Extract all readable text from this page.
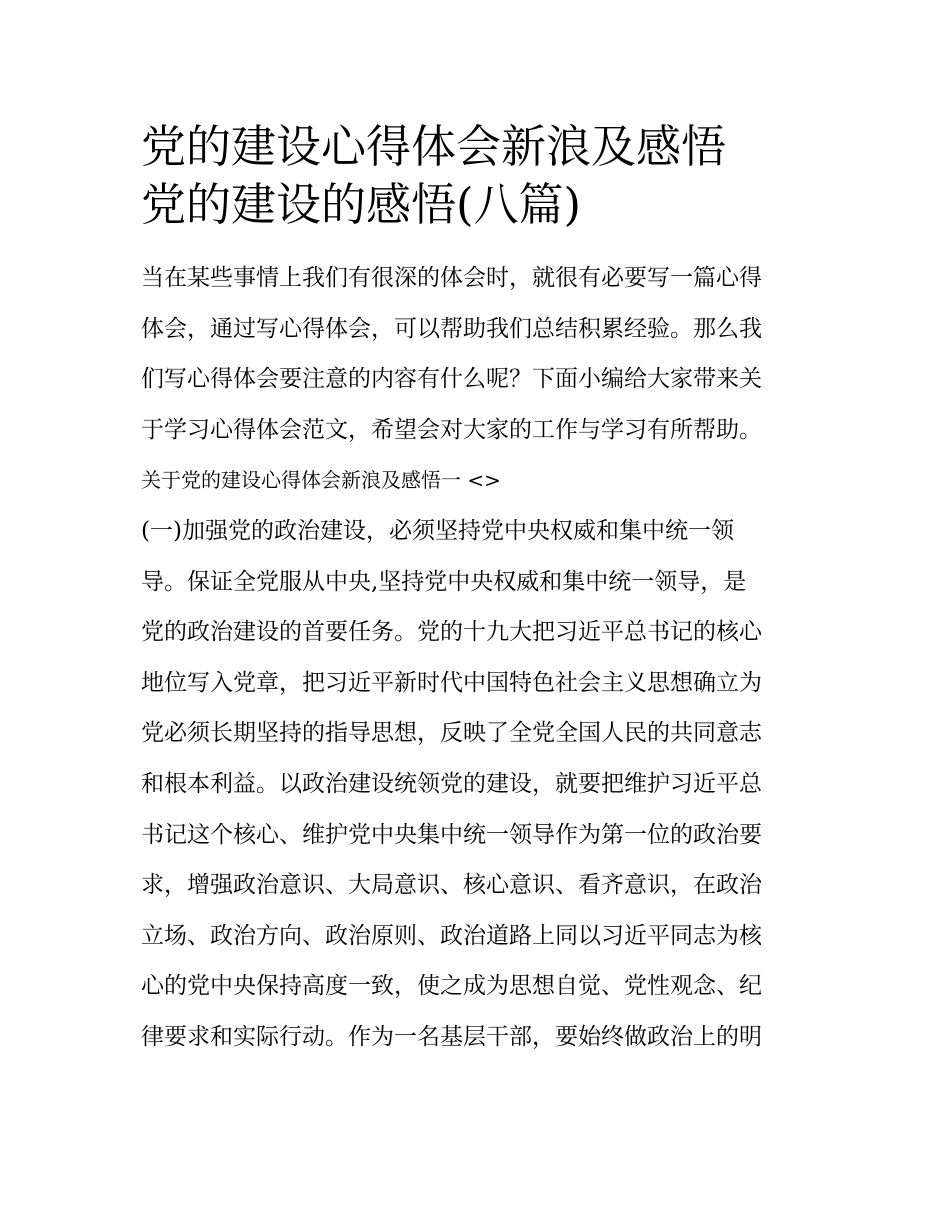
党的建设心得体会新浪及感悟

党的建设的感悟(八篇)

当在某些事情上我们有很深的体会时，就很有必要写一篇心得

体会，通过写心得体会，可以帮助我们总结积累经验。那么我

们写心得体会要注意的内容有什么呢？下面小编给大家带来关

于学习心得体会范文，希望会对大家的工作与学习有所帮助。

关于党的建设心得体会新浪及感悟一 <>

(一)加强党的政治建设，必须坚持党中央权威和集中统一领

导。保证全党服从中央,坚持党中央权威和集中统一领导，是

党的政治建设的首要任务。党的十九大把习近平总书记的核心

地位写入党章，把习近平新时代中国特色社会主义思想确立为

党必须长期坚持的指导思想，反映了全党全国人民的共同意志

和根本利益。以政治建设统领党的建设，就要把维护习近平总

书记这个核心、维护党中央集中统一领导作为第一位的政治要

求，增强政治意识、大局意识、核心意识、看齐意识，在政治

立场、政治方向、政治原则、政治道路上同以习近平同志为核

心的党中央保持高度一致，使之成为思想自觉、党性观念、纪

律要求和实际行动。作为一名基层干部，要始终做政治上的明
